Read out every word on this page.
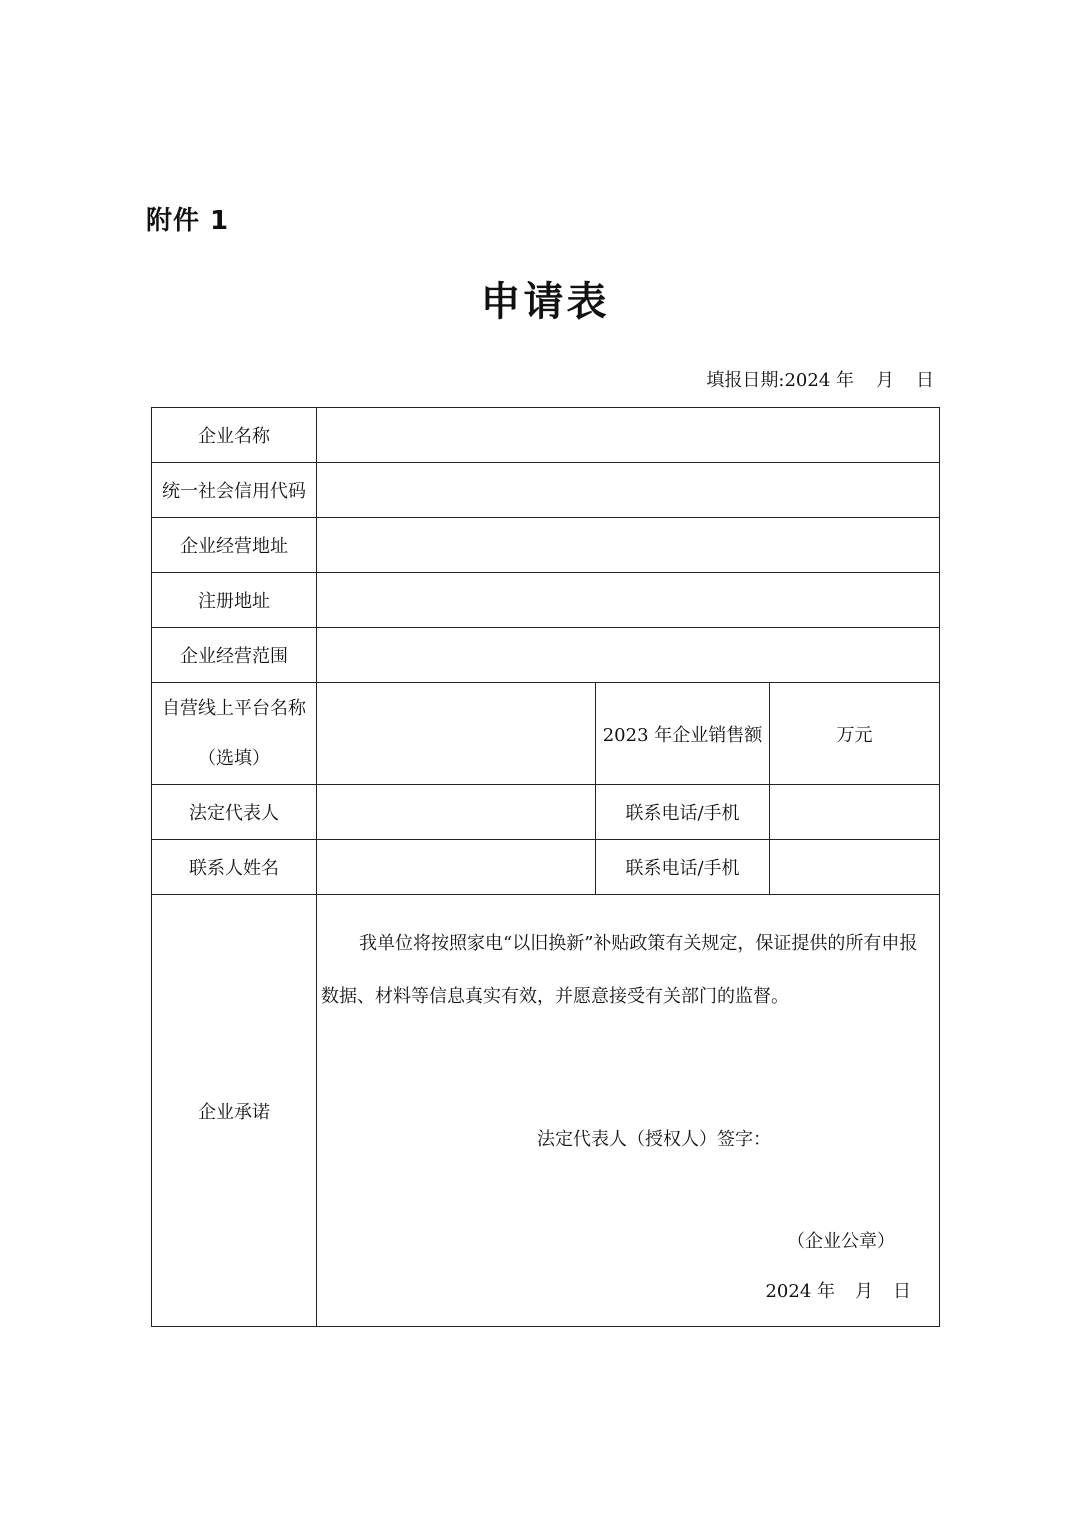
附件 1
申请表
填报日期:2024 年 月 日
企业名称			
统一社会信用代码			
企业经营地址			
注册地址			
企业经营范围			

自营线上平台名称
（选填）		2023 年企业销售额	万元
法定代表人		联系电话/手机	
联系人姓名		联系电话/手机	
企业承诺	我单位将按照家电“以旧换新”补贴政策有关规定，保证提供的所有申报数据、材料等信息真实有效，并愿意接受有关部门的监督。
法定代表人（授权人）签字：
（企业公章）
2024 年 月 日		
